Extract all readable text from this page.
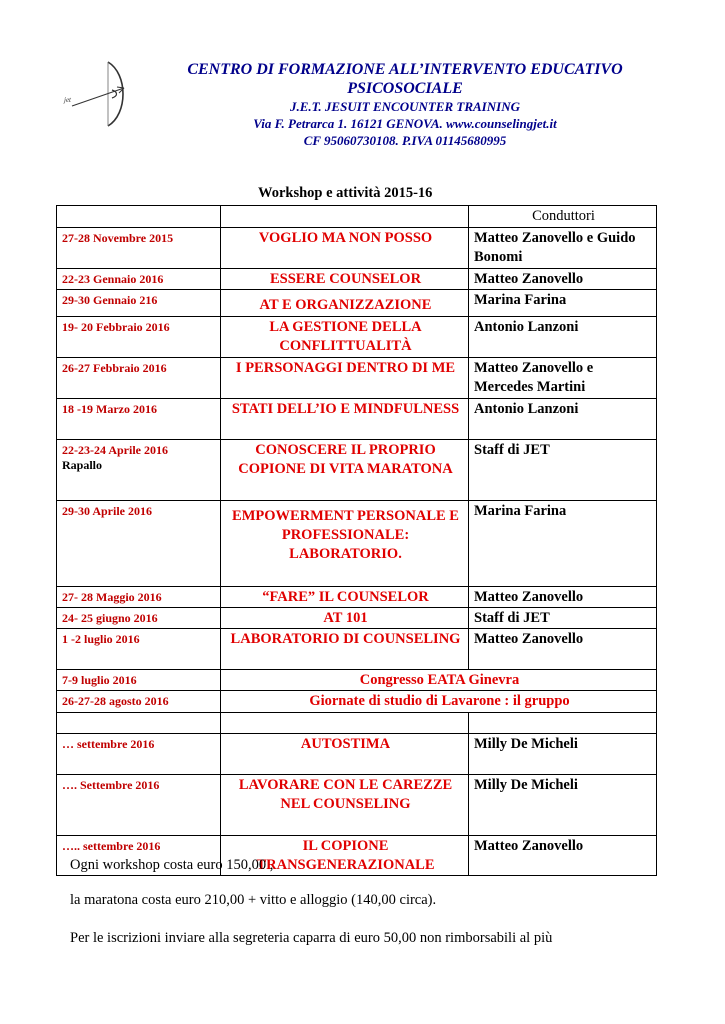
jet
CENTRO DI FORMAZIONE ALL’INTERVENTO EDUCATIVO
PSICOSOCIALE
J.E.T. JESUIT ENCOUNTER TRAINING
Via F. Petrarca 1. 16121 GENOVA. www.counselingjet.it
CF 95060730108. P.IVA 01145680995
Workshop e attività 2015-16
		Conduttori

27-28 Novembre 2015	VOGLIO MA NON POSSO	Matteo Zanovello e Guido Bonomi

22-23 Gennaio 2016	ESSERE COUNSELOR	Matteo Zanovello

29-30 Gennaio 216	AT E ORGANIZZAZIONE	Marina Farina

19- 20 Febbraio 2016	LA GESTIONE DELLA CONFLITTUALITÀ	Antonio Lanzoni

26-27 Febbraio 2016	I PERSONAGGI DENTRO DI ME	Matteo Zanovello e Mercedes Martini

18 -19 Marzo 2016	STATI DELL’IO E MINDFULNESS	Antonio Lanzoni

22-23-24 Aprile 2016
Rapallo	CONOSCERE IL PROPRIO COPIONE DI VITA MARATONA	Staff di JET

29-30 Aprile 2016	EMPOWERMENT PERSONALE E PROFESSIONALE: LABORATORIO.	Marina Farina

27- 28 Maggio 2016	“FARE” IL COUNSELOR	Matteo Zanovello

24- 25 giugno 2016	AT 101	Staff di JET

1 -2 luglio 2016	LABORATORIO DI COUNSELING	Matteo Zanovello

7-9 luglio 2016	Congresso EATA Ginevra	

26-27-28 agosto 2016	Giornate di studio di Lavarone : il gruppo	

… settembre 2016	AUTOSTIMA	Milly De Micheli

…. Settembre 2016	LAVORARE CON LE CAREZZE NEL COUNSELING	Milly De Micheli

….. settembre 2016	IL COPIONE TRANSGENERAZIONALE	Matteo Zanovello
Ogni workshop costa euro 150,00 ,
la maratona costa euro 210,00 + vitto e alloggio (140,00 circa).
Per le iscrizioni inviare alla segreteria caparra di euro 50,00 non rimborsabili al più
